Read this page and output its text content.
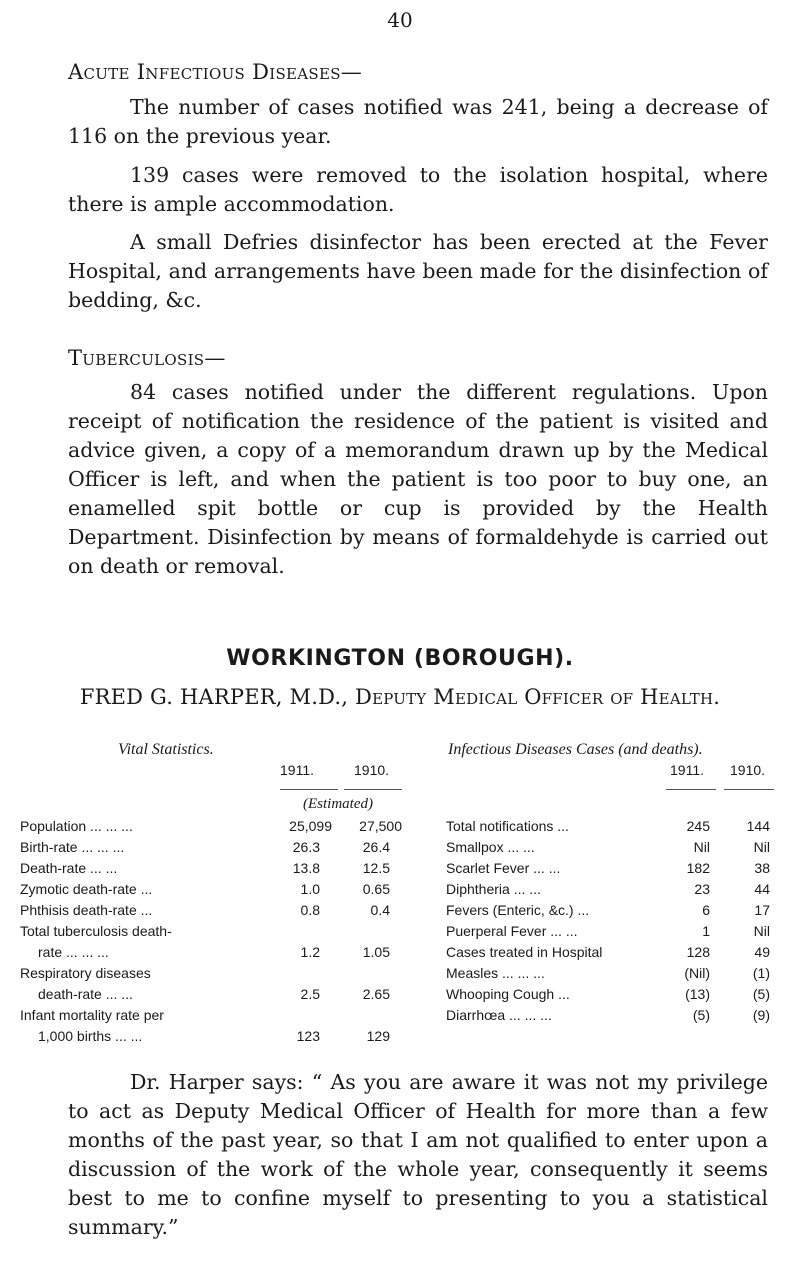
40
Acute Infectious Diseases—

The number of cases notified was 241, being a decrease of 116 on the previous year.

139 cases were removed to the isolation hospital, where there is ample accommodation.

A small Defries disinfector has been erected at the Fever Hospital, and arrangements have been made for the disinfection of bedding, &c.

Tuberculosis—

84 cases notified under the different regulations. Upon receipt of notification the residence of the patient is visited and advice given, a copy of a memorandum drawn up by the Medical Officer is left, and when the patient is too poor to buy one, an enamelled spit bottle or cup is provided by the Health Department. Disinfection by means of formaldehyde is carried out on death or removal.

WORKINGTON (BOROUGH).
FRED G. HARPER, M.D., Deputy Medical Officer of Health.
Vital Statistics.
1911.	1910.
(Estimated)
Population ... ... ...	25,099	27,500
Birth-rate ... ... ...	26.3	26.4
Death-rate ... ...	13.8	12.5
Zymotic death-rate ...	1.0	0.65
Phthisis death-rate ...	0.8	0.4
Total tuberculosis death-
rate ... ... ...	1.2	1.05
Respiratory diseases
death-rate ... ...	2.5	2.65
Infant mortality rate per
1,000 births ... ...	123	129
Infectious Diseases Cases (and deaths).
1911. 1910.
Total notifications ...	245	144
Smallpox ... ...	Nil	Nil
Scarlet Fever ... ...	182	38
Diphtheria ... ...	23	44
Fevers (Enteric, &c.) ...	6	17
Puerperal Fever ... ...	1	Nil
Cases treated in Hospital	128	49
Measles ... ... ...	(Nil)	(1)
Whooping Cough ...	(13)	(5)
Diarrhœa ... ... ...	(5)	(9)

Dr. Harper says: “ As you are aware it was not my privilege to act as Deputy Medical Officer of Health for more than a few months of the past year, so that I am not qualified to enter upon a discussion of the work of the whole year, consequently it seems best to me to confine myself to presenting to you a statistical summary.”
